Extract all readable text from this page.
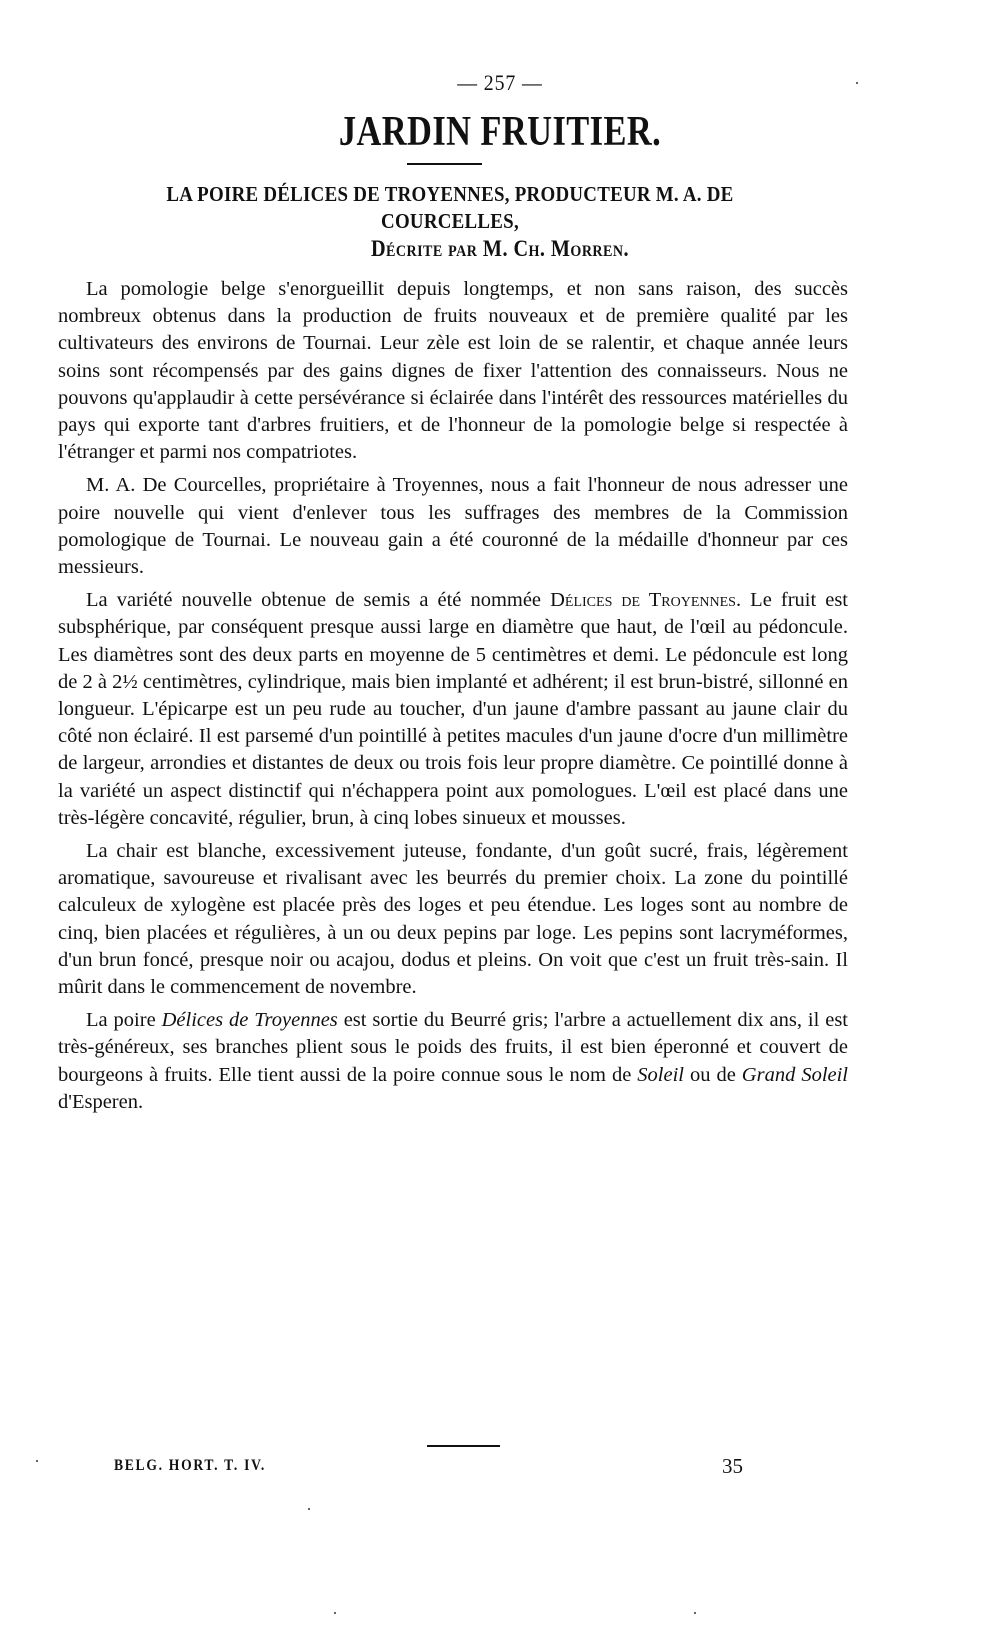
— 257 —
JARDIN FRUITIER.
LA POIRE DÉLICES DE TROYENNES, PRODUCTEUR M. A. DE COURCELLES,
Décrite par M. Ch. Morren.

La pomologie belge s'enorgueillit depuis longtemps, et non sans raison, des succès nombreux obtenus dans la production de fruits nouveaux et de première qualité par les cultivateurs des environs de Tournai. Leur zèle est loin de se ralentir, et chaque année leurs soins sont récompensés par des gains dignes de fixer l'attention des connaisseurs. Nous ne pouvons qu'applaudir à cette persévérance si éclairée dans l'intérêt des ressources matérielles du pays qui exporte tant d'arbres fruitiers, et de l'honneur de la pomologie belge si respectée à l'étranger et parmi nos compatriotes.

M. A. De Courcelles, propriétaire à Troyennes, nous a fait l'honneur de nous adresser une poire nouvelle qui vient d'enlever tous les suffrages des membres de la Commission pomologique de Tournai. Le nouveau gain a été couronné de la médaille d'honneur par ces messieurs.

La variété nouvelle obtenue de semis a été nommée Délices de Troyennes. Le fruit est subsphérique, par conséquent presque aussi large en diamètre que haut, de l'œil au pédoncule. Les diamètres sont des deux parts en moyenne de 5 centimètres et demi. Le pédoncule est long de 2 à 2½ centimètres, cylindrique, mais bien implanté et adhérent; il est brun-bistré, sillonné en longueur. L'épicarpe est un peu rude au toucher, d'un jaune d'ambre passant au jaune clair du côté non éclairé. Il est parsemé d'un pointillé à petites macules d'un jaune d'ocre d'un millimètre de largeur, arrondies et distantes de deux ou trois fois leur propre diamètre. Ce pointillé donne à la variété un aspect distinctif qui n'échappera point aux pomologues. L'œil est placé dans une très-légère concavité, régulier, brun, à cinq lobes sinueux et mousses.

La chair est blanche, excessivement juteuse, fondante, d'un goût sucré, frais, légèrement aromatique, savoureuse et rivalisant avec les beurrés du premier choix. La zone du pointillé calculeux de xylogène est placée près des loges et peu étendue. Les loges sont au nombre de cinq, bien placées et régulières, à un ou deux pepins par loge. Les pepins sont lacryméformes, d'un brun foncé, presque noir ou acajou, dodus et pleins. On voit que c'est un fruit très-sain. Il mûrit dans le commencement de novembre.

La poire Délices de Troyennes est sortie du Beurré gris; l'arbre a actuellement dix ans, il est très-généreux, ses branches plient sous le poids des fruits, il est bien éperonné et couvert de bourgeons à fruits. Elle tient aussi de la poire connue sous le nom de Soleil ou de Grand Soleil d'Esperen.

BELG. HORT. T. IV.	35
